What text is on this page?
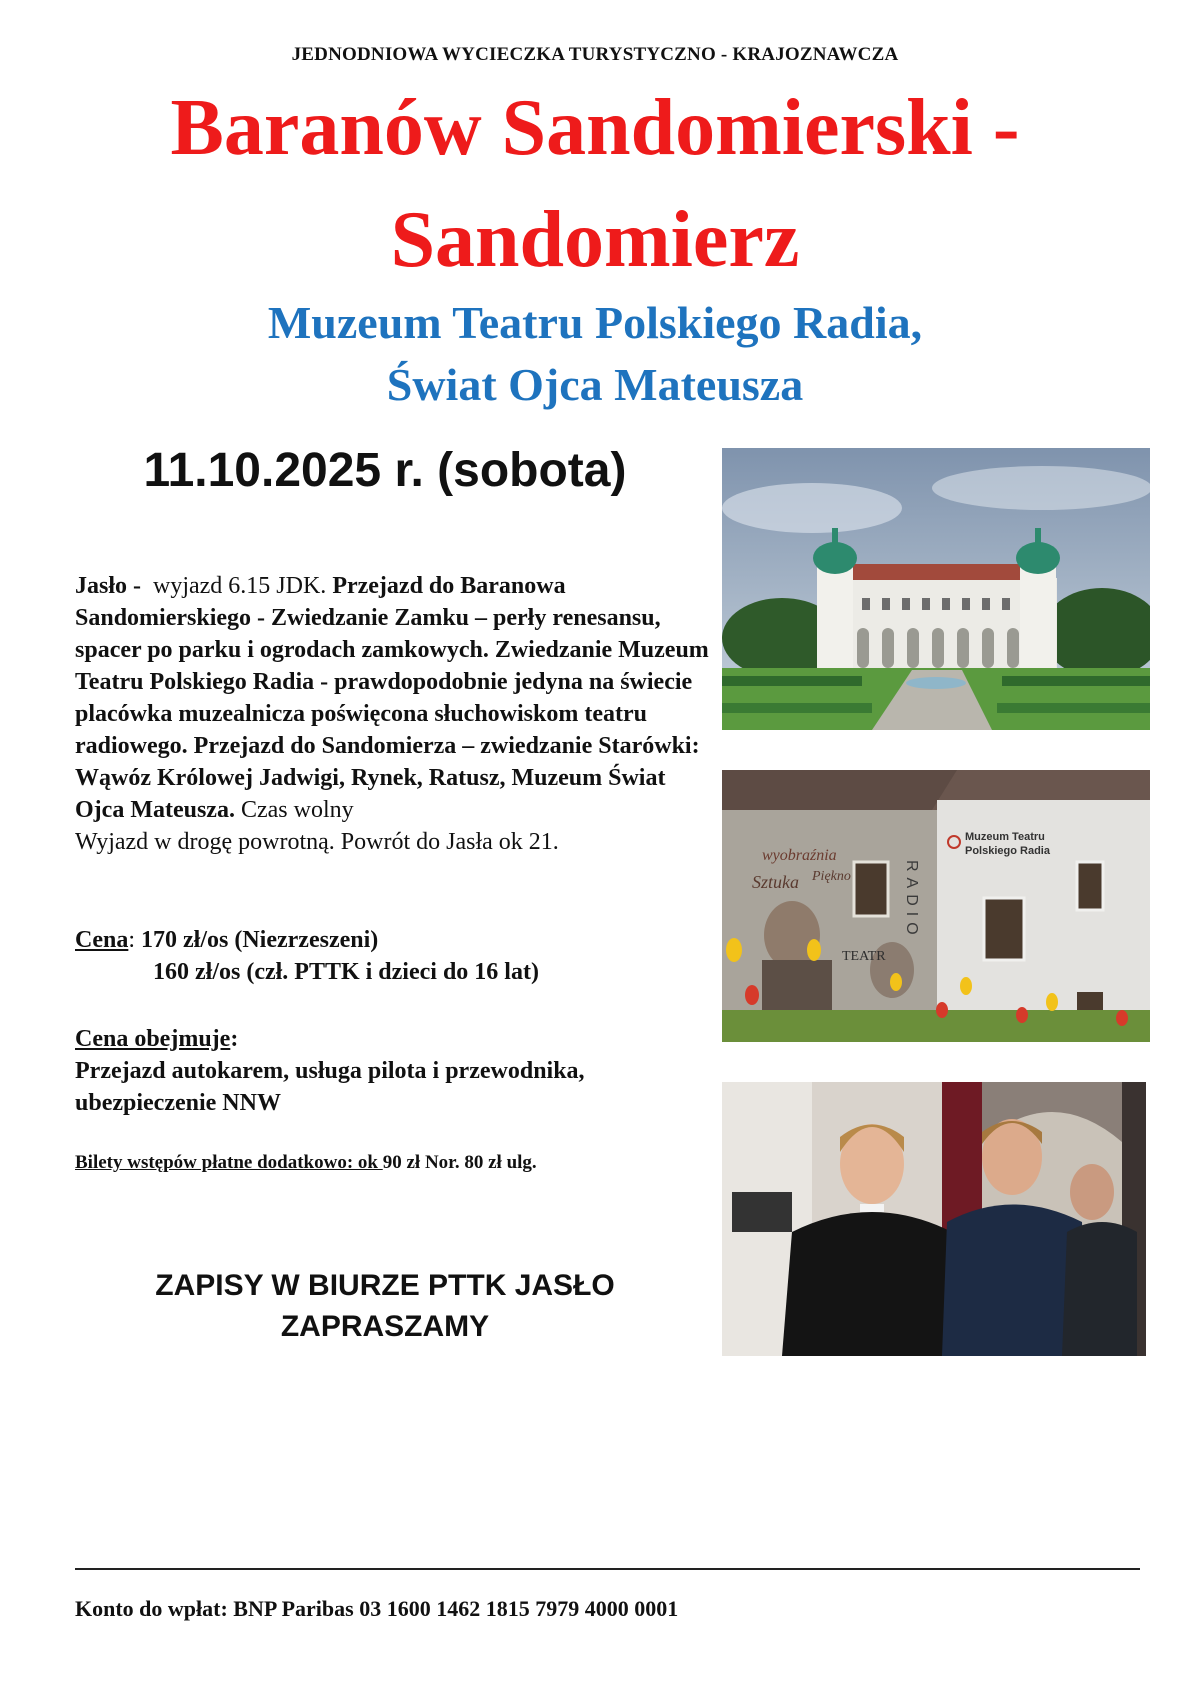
JEDNODNIOWA WYCIECZKA TURYSTYCZNO - KRAJOZNAWCZA
Baranów Sandomierski -
Sandomierz
Muzeum Teatru Polskiego Radia,
Świat Ojca Mateusza
11.10.2025 r. (sobota)
Jasło - wyjazd 6.15 JDK. Przejazd do Baranowa Sandomierskiego - Zwiedzanie Zamku – perły renesansu, spacer po parku i ogrodach zamkowych. Zwiedzanie Muzeum Teatru Polskiego Radia - prawdopodobnie jedyna na świecie placówka muzealnicza poświęcona słuchowiskom teatru radiowego. Przejazd do Sandomierza – zwiedzanie Starówki: Wąwóz Królowej Jadwigi, Rynek, Ratusz, Muzeum Świat Ojca Mateusza. Czas wolny
Wyjazd w drogę powrotną. Powrót do Jasła ok 21.
Cena: 170 zł/os (Niezrzeszeni)
160 zł/os (czł. PTTK i dzieci do 16 lat)
Cena obejmuje:
Przejazd autokarem, usługa pilota i przewodnika, ubezpieczenie NNW
Bilety wstępów płatne dodatkowo: ok 90 zł Nor. 80 zł ulg.
ZAPISY W BIURZE PTTK JASŁO
ZAPRASZAMY
Muzeum Teatru
Polskiego Radia
RADIO
wyobraźnia
Sztuka Piękno
TEATR
Konto do wpłat: BNP Paribas 03 1600 1462 1815 7979 4000 0001
